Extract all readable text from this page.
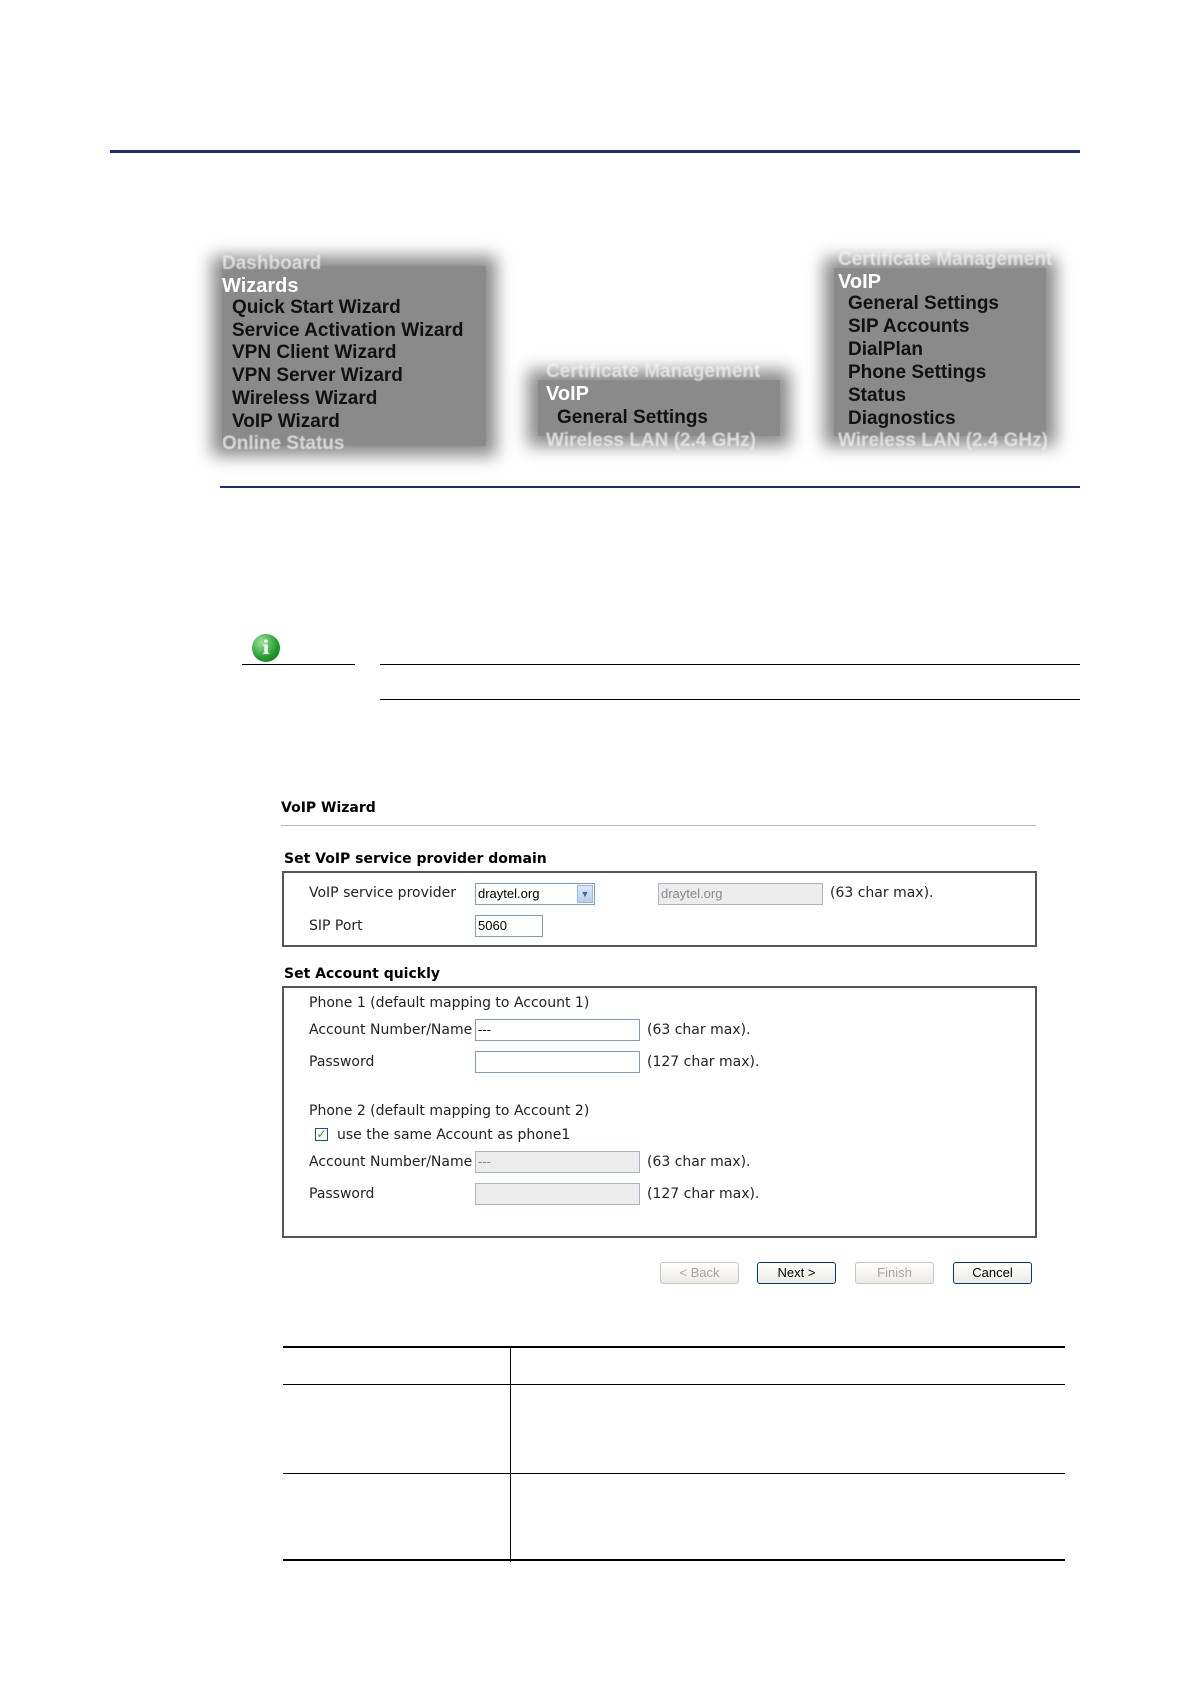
Dashboard
Wizards
Quick Start Wizard
Service Activation Wizard
VPN Client Wizard
VPN Server Wizard
Wireless Wizard
VoIP Wizard
Online Status
Certificate Management
VoIP
General Settings
Wireless LAN (2.4 GHz)
Certificate Management
VoIP
General Settings
SIP Accounts
DialPlan
Phone Settings
Status
Diagnostics
Wireless LAN (2.4 GHz)
i
VoIP Wizard
Set VoIP service provider domain
VoIP service provider draytel.org	▼	draytel.org	(63 char max).
SIP Port	5060
Set Account quickly
Phone 1 (default mapping to Account 1)
Account Number/Name ---	(63 char max).
Password	(127 char max).
Phone 2 (default mapping to Account 2)
✓ use the same Account as phone1
Account Number/Name ---	(63 char max).
Password	(127 char max).
< Back	Next >	Finish	Cancel
